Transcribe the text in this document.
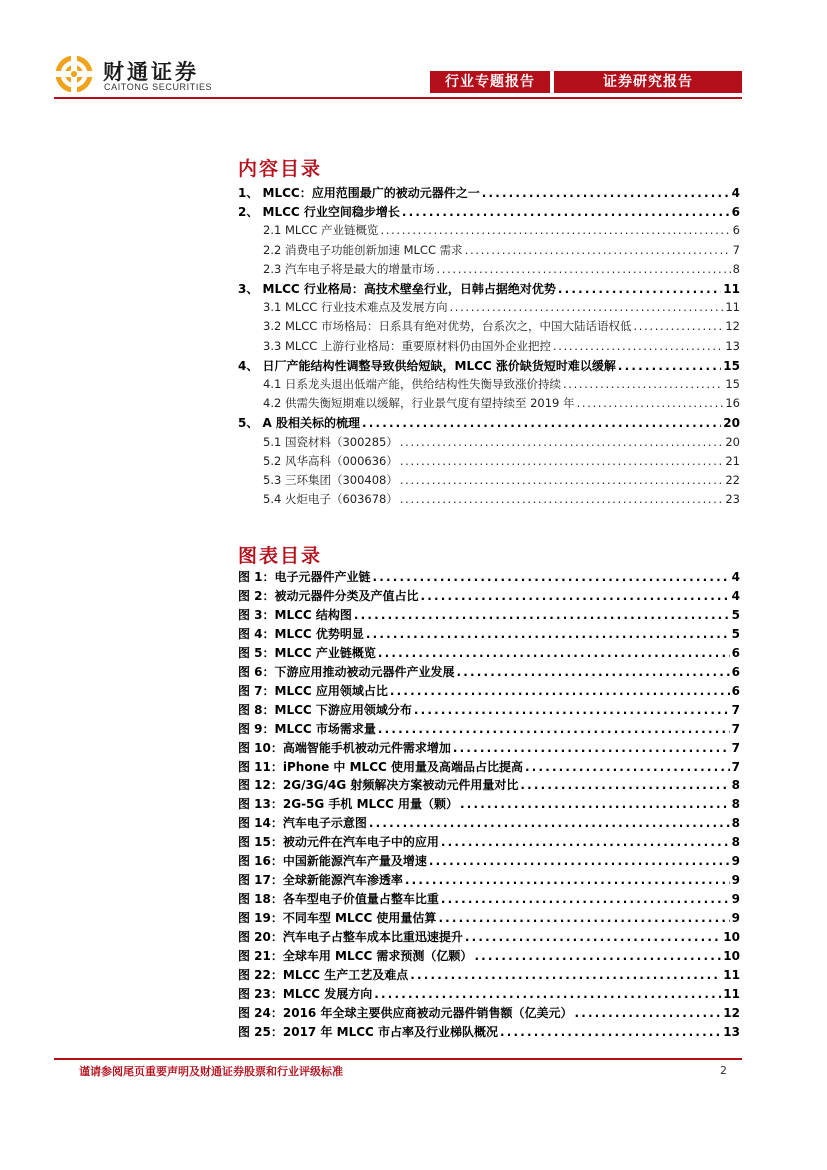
财通证券
CAITONG SECURITIES	行业专题报告	证券研究报告
内容目录
1、 MLCC：应用范围最广的被动元器件之一 . . .	4
2、 MLCC 行业空间稳步增长 . . .	6
2.1 MLCC 产业链概览 . . .	6
2.2 消费电子功能创新加速 MLCC 需求 . . .	7
2.3 汽车电子将是最大的增量市场 . . .	8
3、 MLCC 行业格局：高技术壁垒行业，日韩占据绝对优势 . . .	11
3.1 MLCC 行业技术难点及发展方向 . . .	11
3.2 MLCC 市场格局：日系具有绝对优势，台系次之，中国大陆话语权低 . . .	12
3.3 MLCC 上游行业格局：重要原材料仍由国外企业把控 . . .	13
4、 日厂产能结构性调整导致供给短缺，MLCC 涨价缺货短时难以缓解 . . .	15
4.1 日系龙头退出低端产能，供给结构性失衡导致涨价持续 . . .	15
4.2 供需失衡短期难以缓解，行业景气度有望持续至 2019 年 . . .	16
5、 A 股相关标的梳理 . . .	20
5.1 国瓷材料（300285） . . .	20
5.2 风华高科（000636） . . .	21
5.3 三环集团（300408） . . .	22
5.4 火炬电子（603678） . . .	23
图表目录
图 1：电子元器件产业链 . . .	4
图 2：被动元器件分类及产值占比 . . .	4
图 3：MLCC 结构图 . . .	5
图 4：MLCC 优势明显 . . .	5
图 5：MLCC 产业链概览 . . .	6
图 6：下游应用推动被动元器件产业发展 . . .	6
图 7：MLCC 应用领域占比 . . .	6
图 8：MLCC 下游应用领域分布 . . .	7
图 9：MLCC 市场需求量 . . .	7
图 10：高端智能手机被动元件需求增加 . . .	7
图 11：iPhone 中 MLCC 使用量及高端品占比提高 . . .	7
图 12：2G/3G/4G 射频解决方案被动元件用量对比 . . .	8
图 13：2G-5G 手机 MLCC 用量（颗） . . .	8
图 14：汽车电子示意图 . . .	8
图 15：被动元件在汽车电子中的应用 . . .	8
图 16：中国新能源汽车产量及增速 . . .	9
图 17：全球新能源汽车渗透率 . . .	9
图 18：各车型电子价值量占整车比重 . . .	9
图 19：不同车型 MLCC 使用量估算 . . .	9
图 20：汽车电子占整车成本比重迅速提升 . . .	10
图 21：全球车用 MLCC 需求预测（亿颗） . . .	10
图 22：MLCC 生产工艺及难点 . . .	11
图 23：MLCC 发展方向 . . .	11
图 24：2016 年全球主要供应商被动元器件销售额（亿美元） . . .	12
图 25：2017 年 MLCC 市占率及行业梯队概况 . . .	13
谨请参阅尾页重要声明及财通证券股票和行业评级标准	2
